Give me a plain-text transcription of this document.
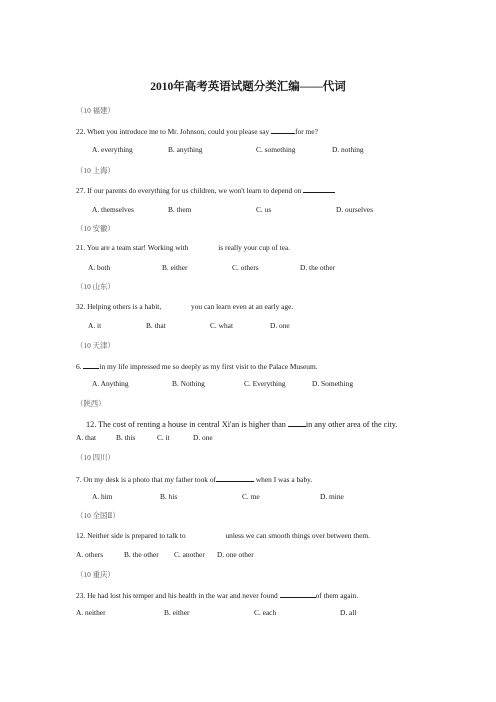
2010年高考英语试题分类汇编——代词
（10 福建）
22. When you introduce me to Mr. Johnson, could you please say	for me?
A. everything	B. anything	C. something	D. nothing
（10 上海）
27. If our parents do everything for us children, we won't learn to depend on
A. themselves	B. them	C. us	D. ourselves
（10 安徽）
21. You are a team star! Working with	is really your cup of tea.
A. both	B. either	C. others	D. the other
（10 山东）
32. Helping others is a habit,	you can learn even at an early age.
A. it	B. that	C. what	D. one
（10 天津）
6. in my life impressed me so deeply as my first visit to the Palace Museum.
A. Anything	B. Nothing	C. Everything	D. Something
（陕西）
12. The cost of renting a house in central Xi'an is higher than in any other area of the city.
A. that	B. this	C. it	D. one
（10 四川）
7. On my desk is a photo that my father took of	when I was a baby.
A. him	B. his	C. me	D. mine
（10 全国Ⅱ）
12. Neither side is prepared to talk to	unless we can smooth things over between them.
A. others	B. the other C. another D. one other
（10 重庆）
23. He had lost his temper and his health in the war and never found	of them again.
A. neither	B. either	C. each	D. all
